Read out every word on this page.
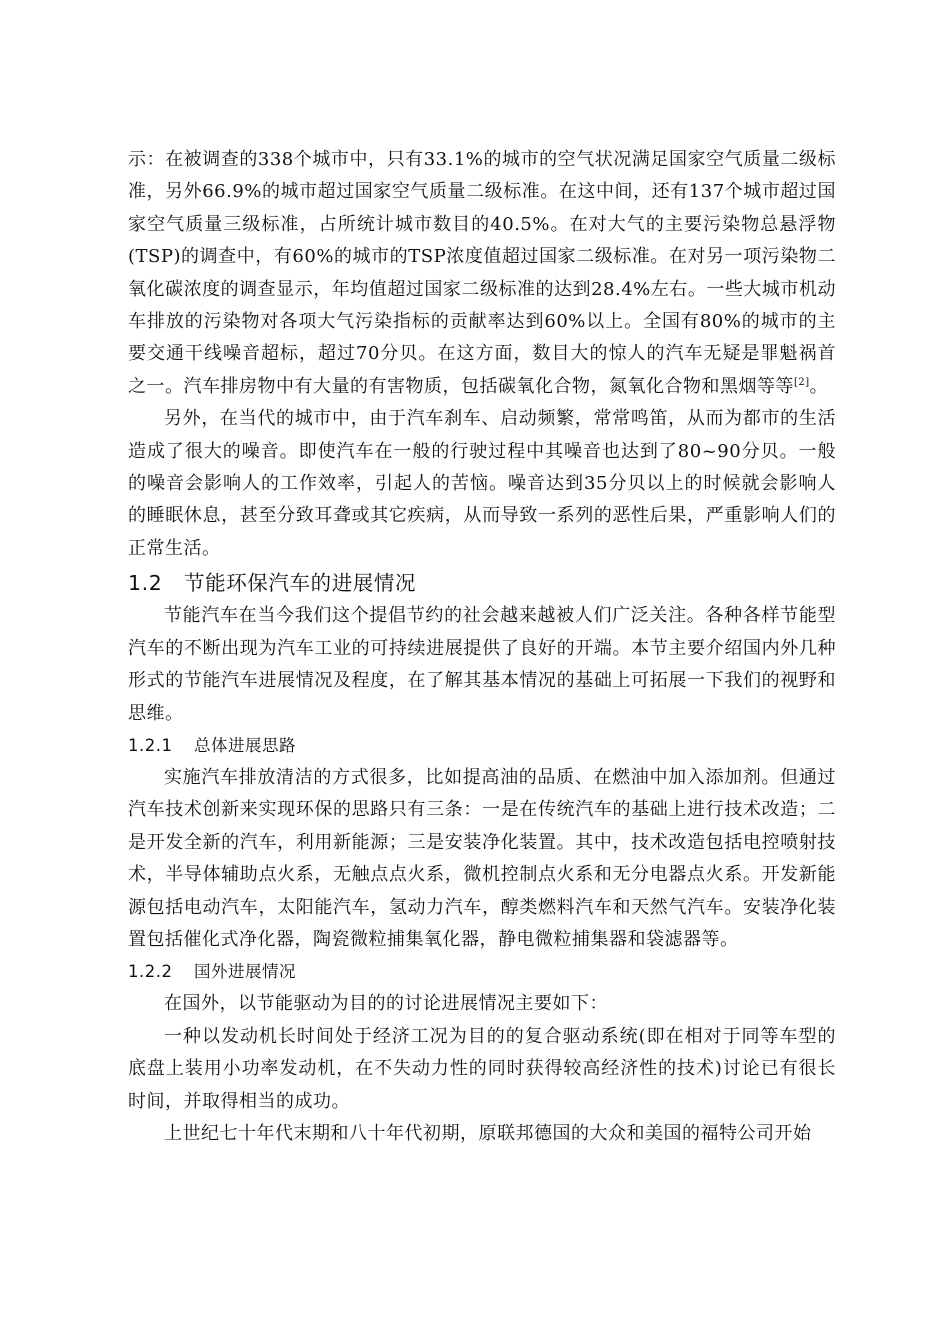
示：在被调查的338个城市中，只有33.1%的城市的空气状况满足国家空气质量二级标准，另外66.9%的城市超过国家空气质量二级标准。在这中间，还有137个城市超过国家空气质量三级标准，占所统计城市数目的40.5%。在对大气的主要污染物总悬浮物(TSP)的调查中，有60%的城市的TSP浓度值超过国家二级标准。在对另一项污染物二氧化碳浓度的调查显示，年均值超过国家二级标准的达到28.4%左右。一些大城市机动车排放的污染物对各项大气污染指标的贡献率达到60%以上。全国有80%的城市的主要交通干线噪音超标，超过70分贝。在这方面，数目大的惊人的汽车无疑是罪魁祸首之一。汽车排房物中有大量的有害物质，包括碳氧化合物，氮氧化合物和黑烟等等[2]。

另外，在当代的城市中，由于汽车刹车、启动频繁，常常鸣笛，从而为都市的生活造成了很大的噪音。即使汽车在一般的行驶过程中其噪音也达到了80~90分贝。一般的噪音会影响人的工作效率，引起人的苦恼。噪音达到35分贝以上的时候就会影响人的睡眠休息，甚至分致耳聋或其它疾病，从而导致一系列的恶性后果，严重影响人们的正常生活。

1.2 节能环保汽车的进展情况

节能汽车在当今我们这个提倡节约的社会越来越被人们广泛关注。各种各样节能型汽车的不断出现为汽车工业的可持续进展提供了良好的开端。本节主要介绍国内外几种形式的节能汽车进展情况及程度，在了解其基本情况的基础上可拓展一下我们的视野和思维。

1.2.1 总体进展思路

实施汽车排放清洁的方式很多，比如提高油的品质、在燃油中加入添加剂。但通过汽车技术创新来实现环保的思路只有三条：一是在传统汽车的基础上进行技术改造；二是开发全新的汽车，利用新能源；三是安装净化装置。其中，技术改造包括电控喷射技术，半导体辅助点火系，无触点点火系，微机控制点火系和无分电器点火系。开发新能源包括电动汽车，太阳能汽车，氢动力汽车，醇类燃料汽车和天然气汽车。安装净化装置包括催化式净化器，陶瓷微粒捕集氧化器，静电微粒捕集器和袋滤器等。

1.2.2 国外进展情况

在国外，以节能驱动为目的的讨论进展情况主要如下：

一种以发动机长时间处于经济工况为目的的复合驱动系统(即在相对于同等车型的底盘上装用小功率发动机，在不失动力性的同时获得较高经济性的技术)讨论已有很长时间，并取得相当的成功。

上世纪七十年代末期和八十年代初期，原联邦德国的大众和美国的福特公司开始
